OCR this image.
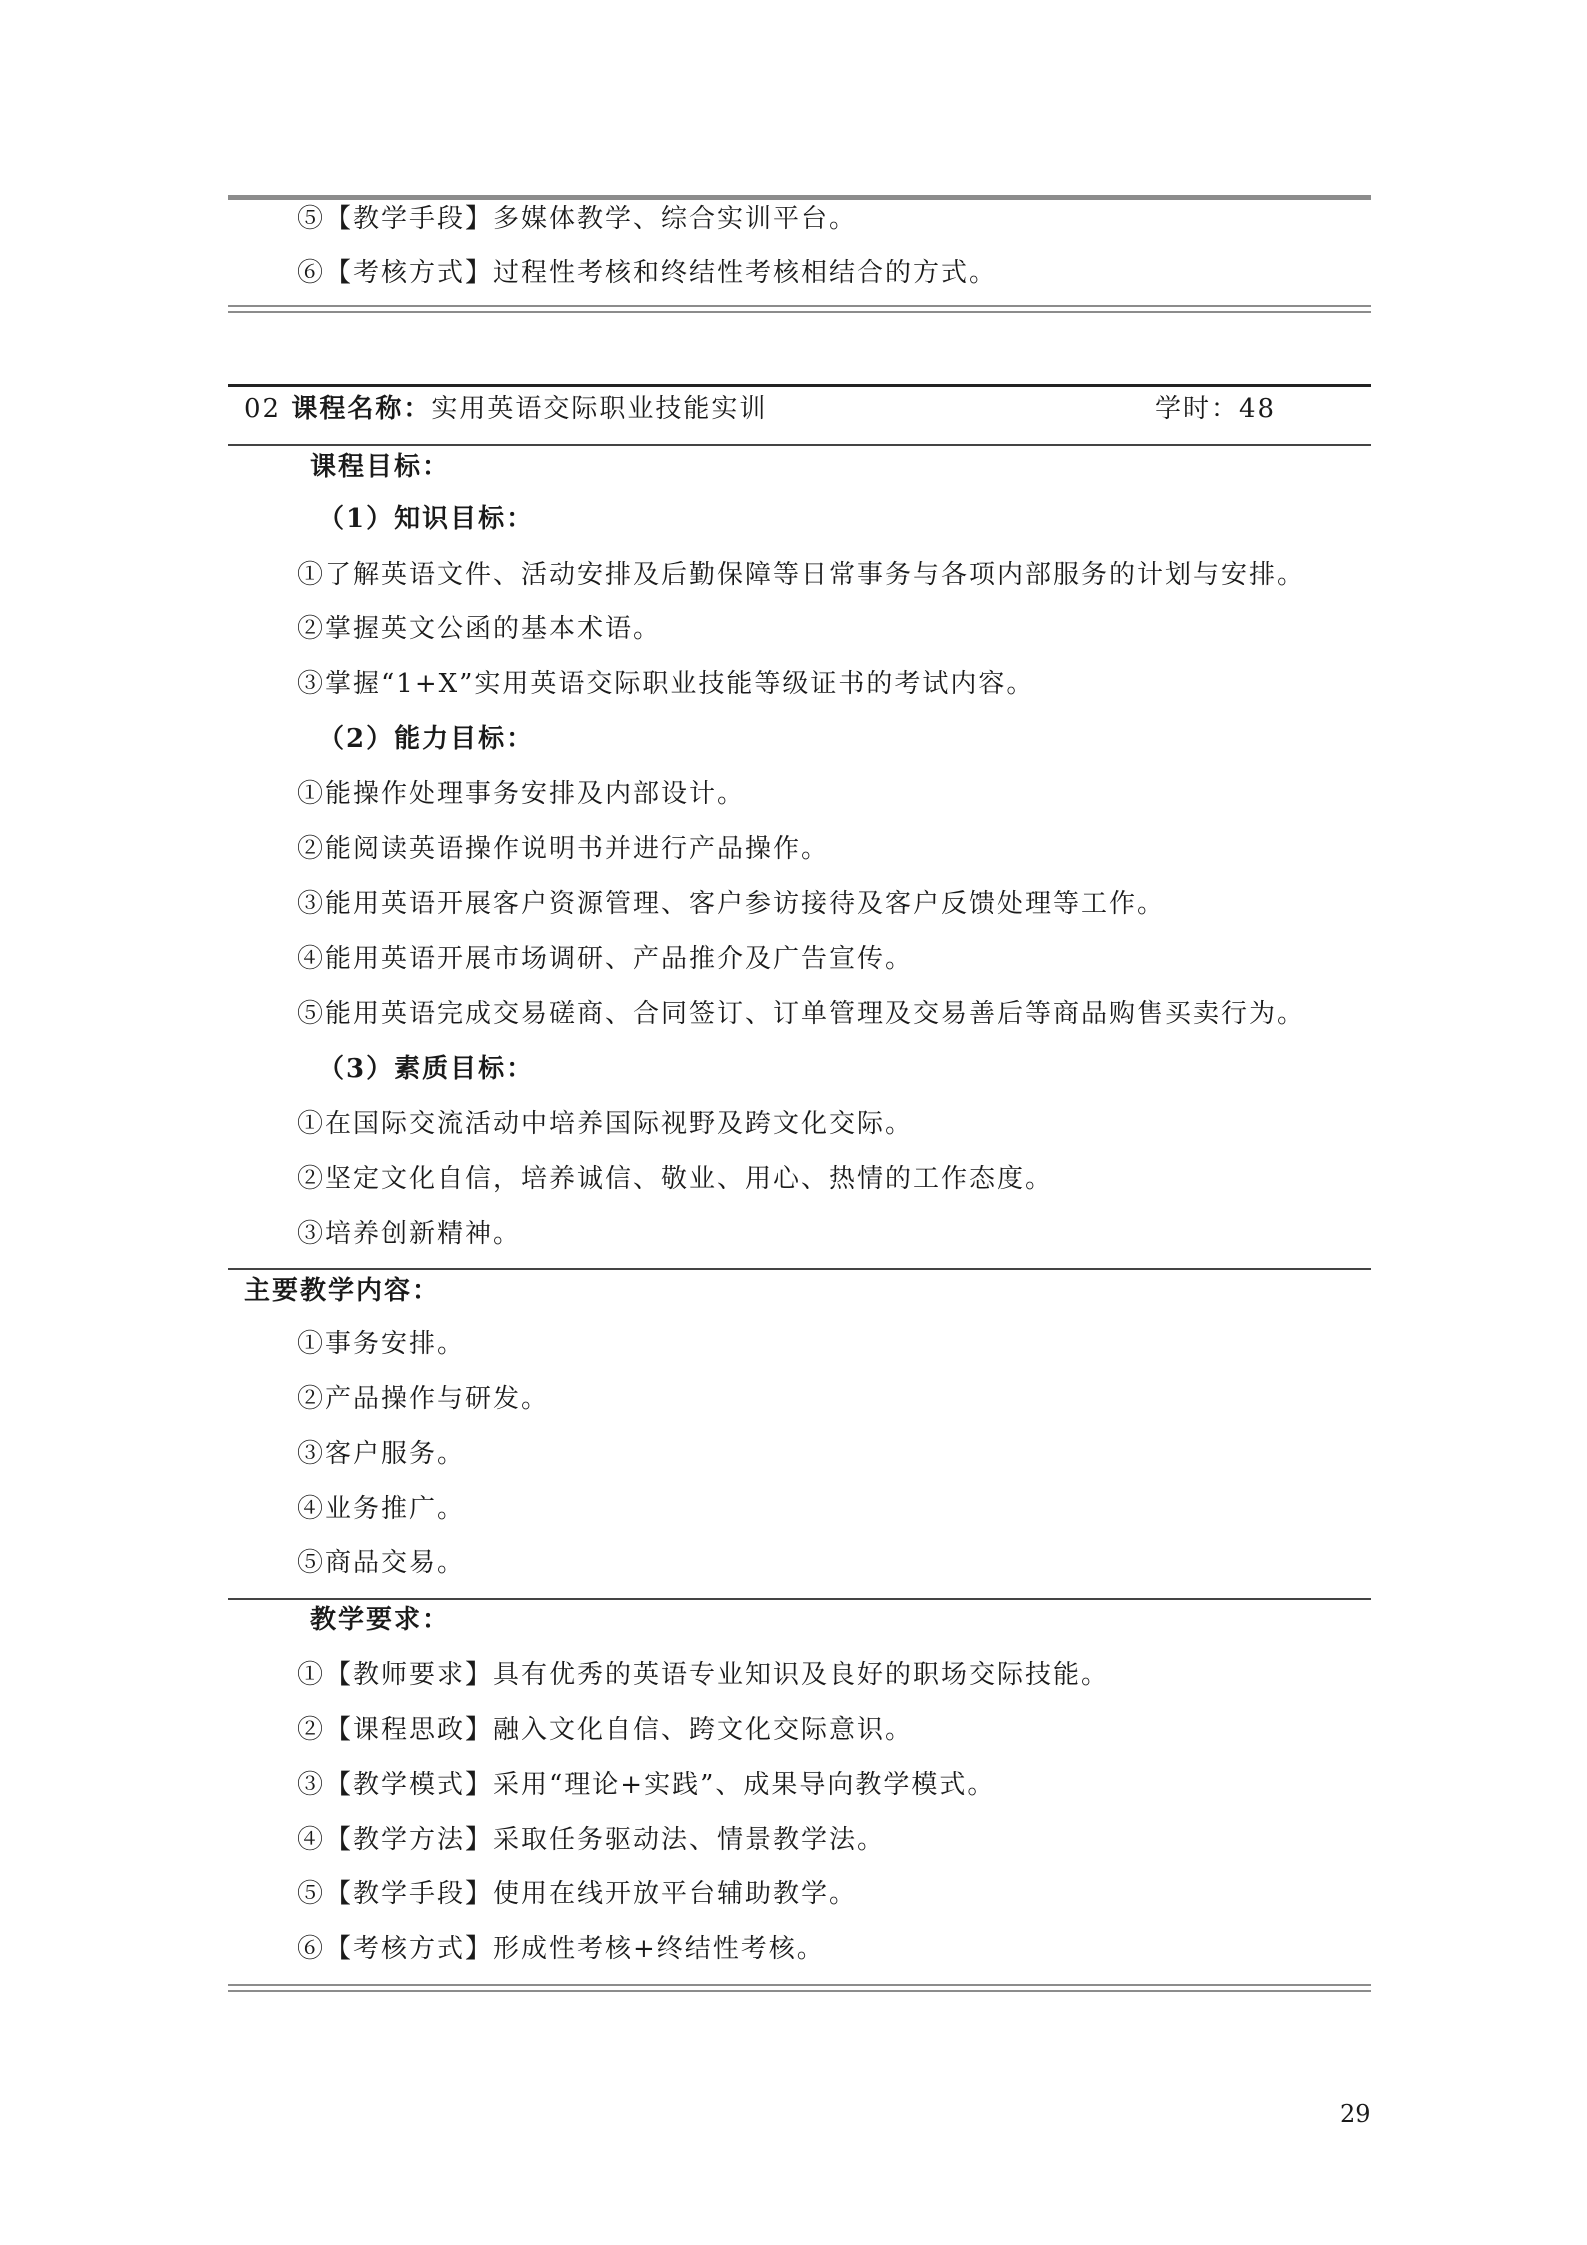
⑤【教学手段】多媒体教学、综合实训平台。
⑥【考核方式】过程性考核和终结性考核相结合的方式。
02 课程名称：实用英语交际职业技能实训	学时：48
课程目标：
（1）知识目标：
①了解英语文件、活动安排及后勤保障等日常事务与各项内部服务的计划与安排。
②掌握英文公函的基本术语。
③掌握“1+X”实用英语交际职业技能等级证书的考试内容。
（2）能力目标：
①能操作处理事务安排及内部设计。
②能阅读英语操作说明书并进行产品操作。
③能用英语开展客户资源管理、客户参访接待及客户反馈处理等工作。
④能用英语开展市场调研、产品推介及广告宣传。
⑤能用英语完成交易磋商、合同签订、订单管理及交易善后等商品购售买卖行为。
（3）素质目标：
①在国际交流活动中培养国际视野及跨文化交际。
②坚定文化自信，培养诚信、敬业、用心、热情的工作态度。
③培养创新精神。
主要教学内容：
①事务安排。
②产品操作与研发。
③客户服务。
④业务推广。
⑤商品交易。
教学要求：
①【教师要求】具有优秀的英语专业知识及良好的职场交际技能。
②【课程思政】融入文化自信、跨文化交际意识。
③【教学模式】采用“理论+实践”、成果导向教学模式。
④【教学方法】采取任务驱动法、情景教学法。
⑤【教学手段】使用在线开放平台辅助教学。
⑥【考核方式】形成性考核+终结性考核。
29
